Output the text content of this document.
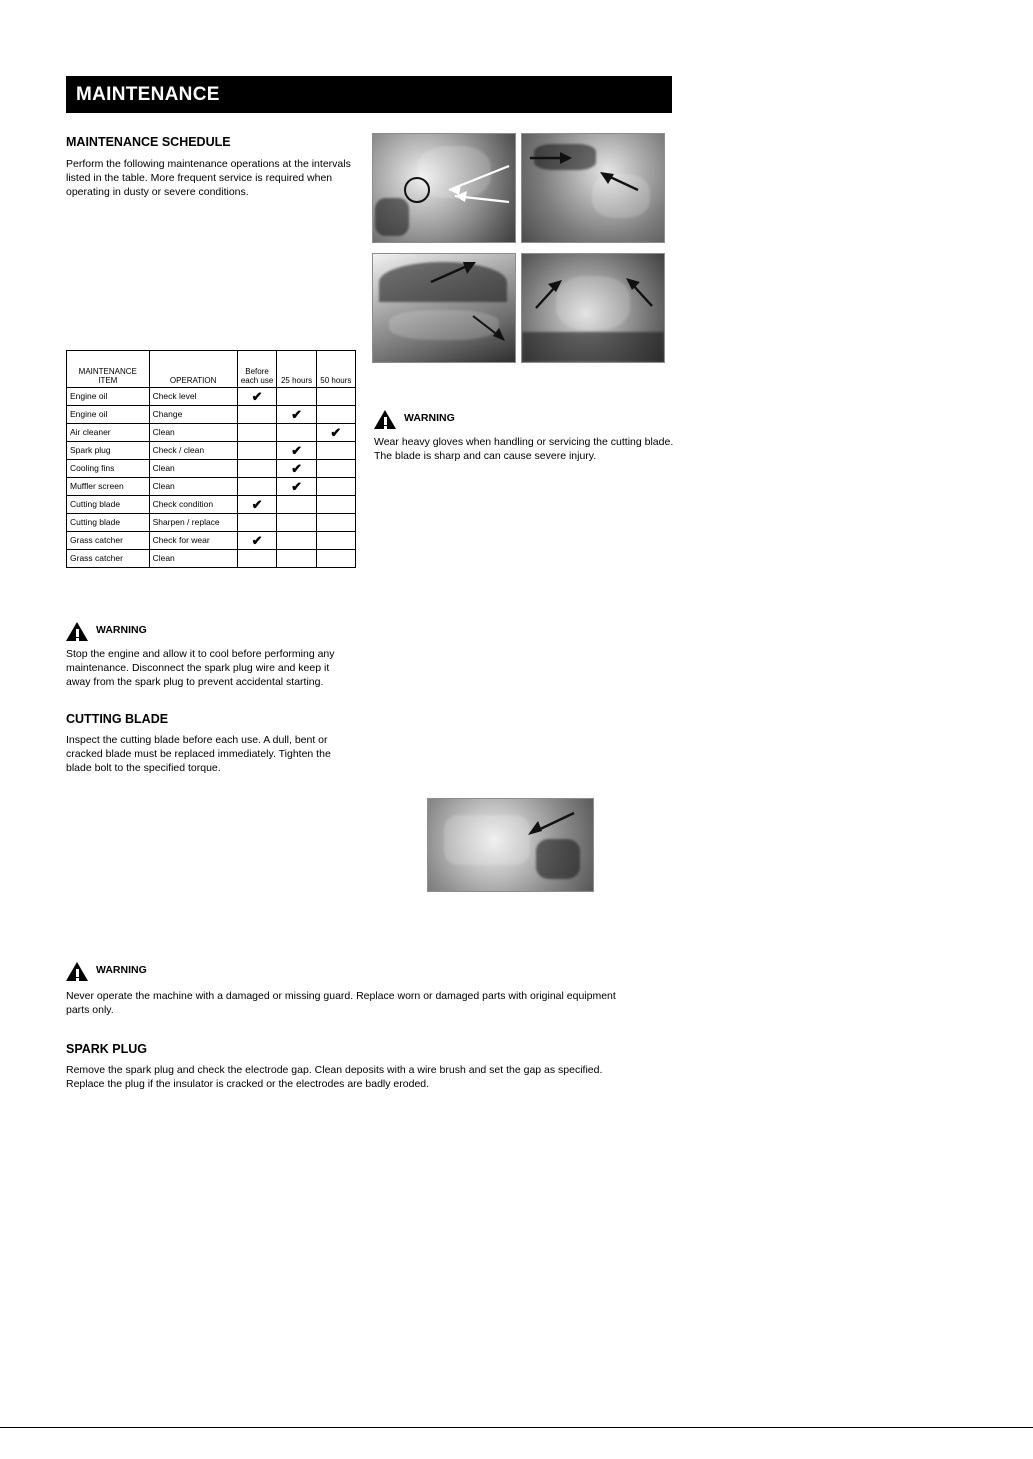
MAINTENANCE
MAINTENANCE ITEM	OPERATION	Before each use	25 hours	50 hours
Engine oil	Check level	✔		
Engine oil	Change		✔	
Air cleaner	Clean			✔
Spark plug	Check / clean		✔	
Cooling fins	Clean		✔	
Muffler screen	Clean		✔	
Cutting blade	Check condition	✔		
Cutting blade	Sharpen / replace			
Grass catcher	Check for wear	✔		
Grass catcher	Clean			
WARNING
Stop the engine and allow it to cool before performing any maintenance. Disconnect the spark plug wire and keep it away from the spark plug to prevent accidental starting.
WARNING
Wear heavy gloves when handling or servicing the cutting blade. The blade is sharp and can cause severe injury.
MAINTENANCE SCHEDULE
Perform the following maintenance operations at the intervals listed in the table. More frequent service is required when operating in dusty or severe conditions.
CUTTING BLADE
Inspect the cutting blade before each use. A dull, bent or cracked blade must be replaced immediately. Tighten the blade bolt to the specified torque.
WARNING
Never operate the machine with a damaged or missing guard. Replace worn or damaged parts with original equipment parts only.
SPARK PLUG
Remove the spark plug and check the electrode gap. Clean deposits with a wire brush and set the gap as specified. Replace the plug if the insulator is cracked or the electrodes are badly eroded.
